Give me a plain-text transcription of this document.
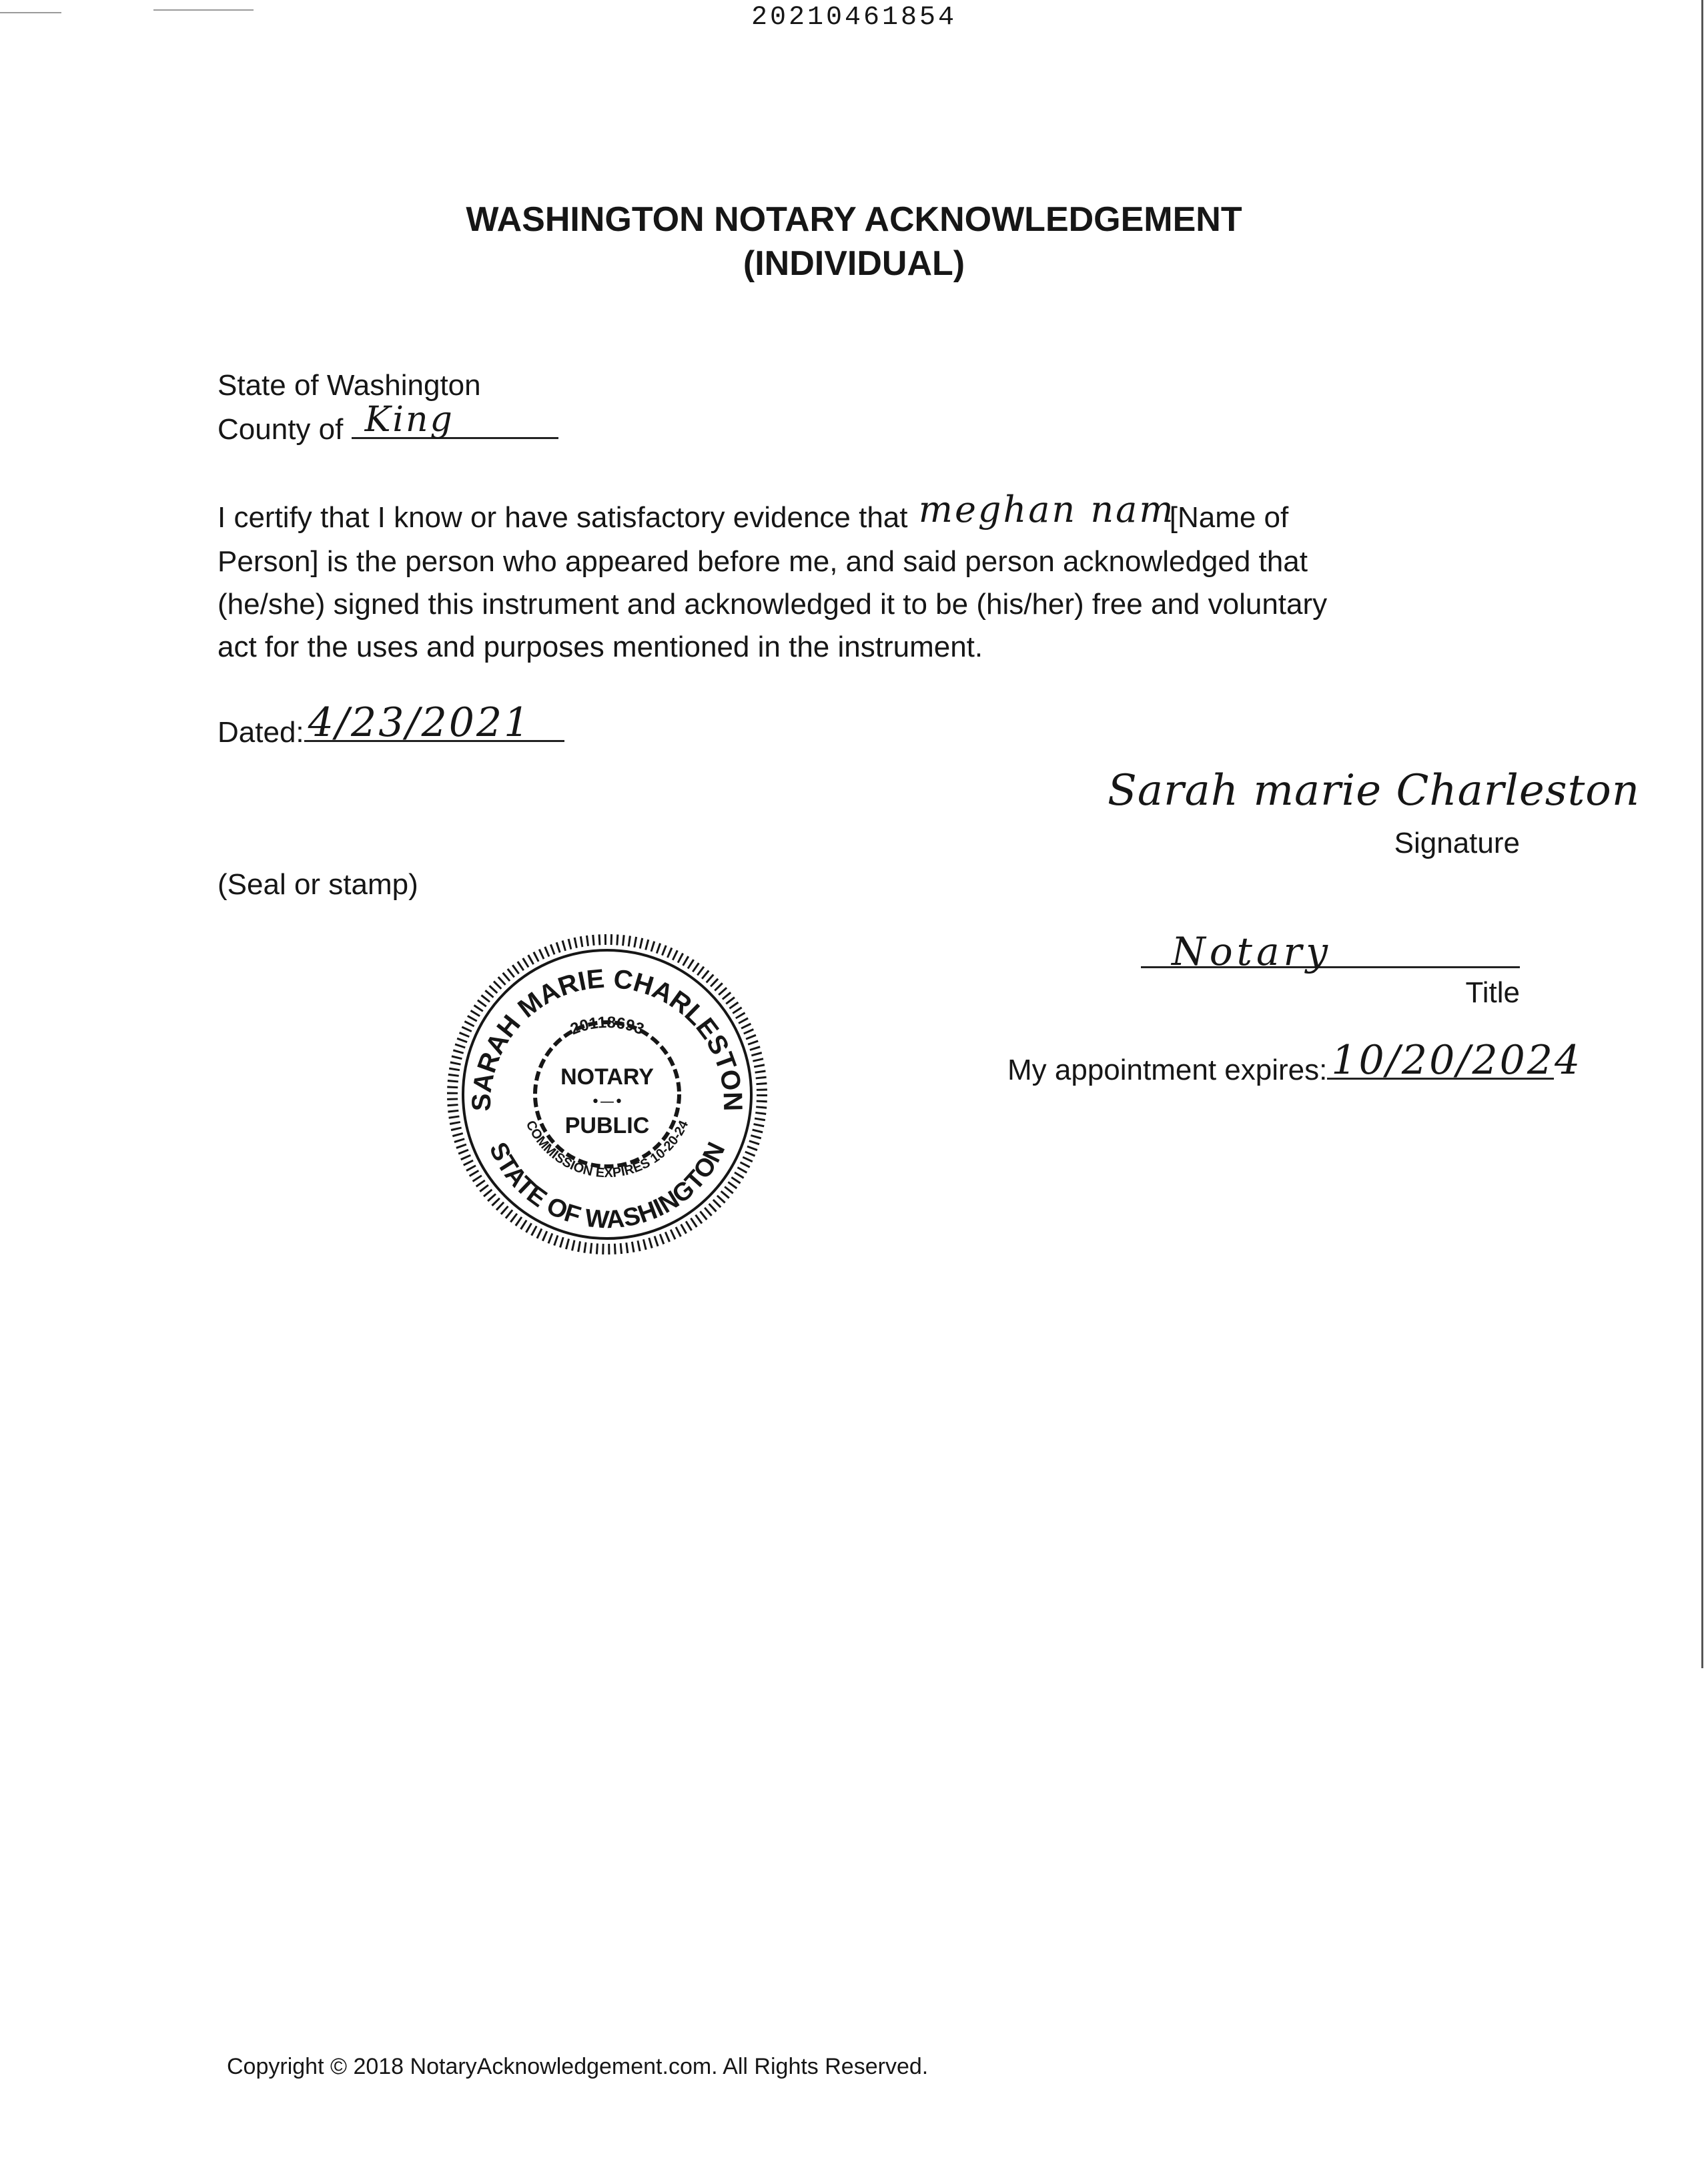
20210461854
WASHINGTON NOTARY ACKNOWLEDGEMENT
(INDIVIDUAL)
State of Washington
County of King
I certify that I know or have satisfactory evidence that meghan nam
[Name of
Person] is the person who appeared before me, and said person acknowledged that
(he/she) signed this instrument and acknowledged it to be (his/her) free and voluntary
act for the uses and purposes mentioned in the instrument.
Dated: 4/23/2021
Sarah marie Charleston
Signature
(Seal or stamp)
Notary
Title
My appointment expires: 10/20/2024
SARAH MARIE CHARLESTON
20118693
NOTARY
•—•
PUBLIC
COMMISSION EXPIRES 10-20-24
STATE OF WASHINGTON
Copyright © 2018 NotaryAcknowledgement.com. All Rights Reserved.
